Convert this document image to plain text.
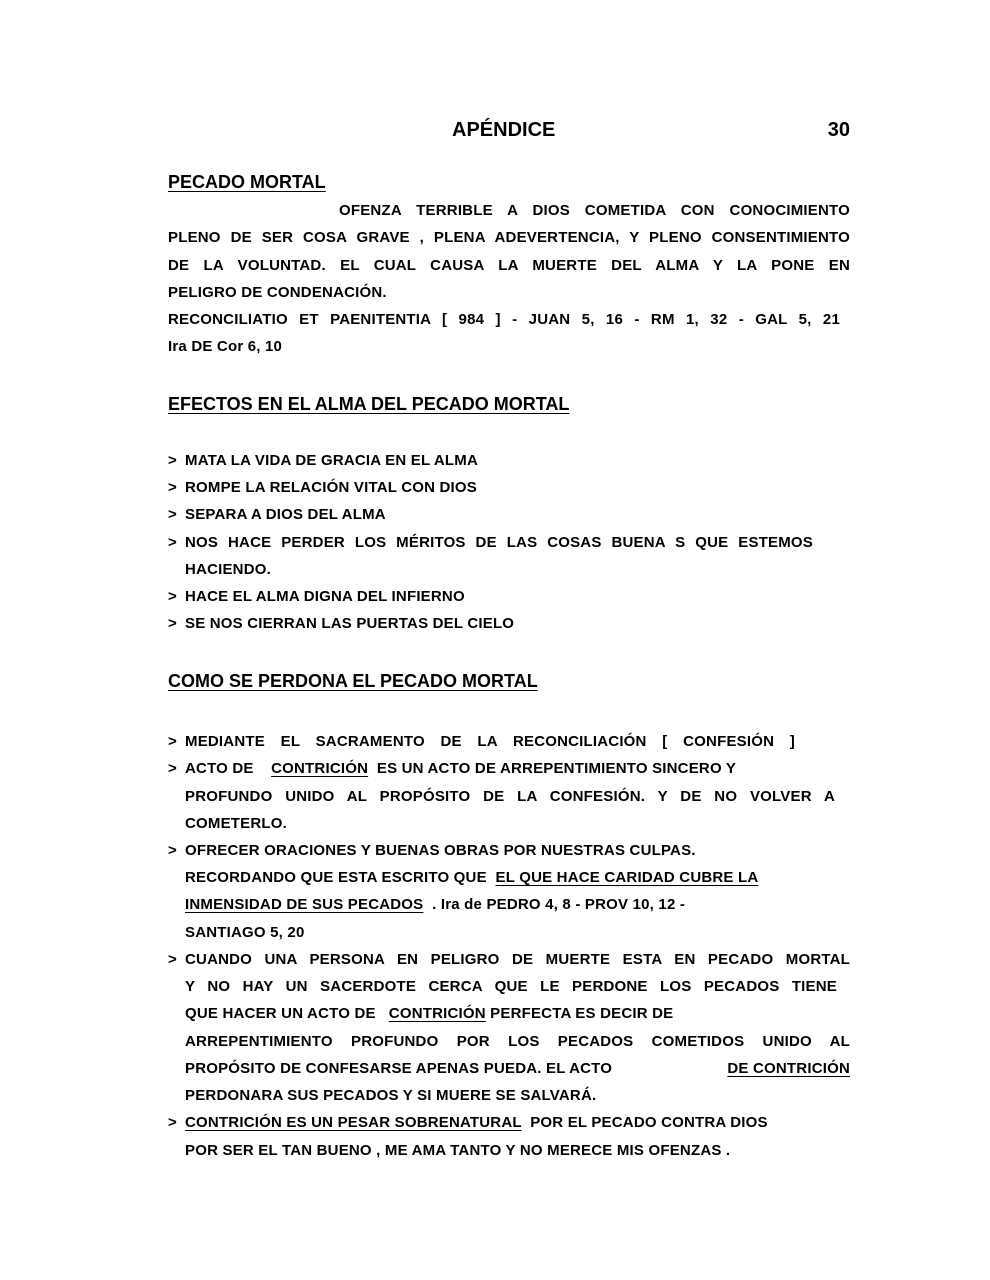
APÉNDICE	30
PECADO MORTAL
OFENZA TERRIBLE A DIOS COMETIDA CON CONOCIMIENTO
PLENO DE SER COSA GRAVE , PLENA ADEVERTENCIA, Y PLENO CONSENTIMIENTO
DE LA VOLUNTAD. EL CUAL CAUSA LA MUERTE DEL ALMA Y LA PONE EN
PELIGRO DE CONDENACIÓN.
RECONCILIATIO ET PAENITENTIA [ 984 ] - JUAN 5, 16 - RM 1, 32 - GAL 5, 21
Ira DE Cor 6, 10
EFECTOS EN EL ALMA DEL PECADO MORTAL
> MATA LA VIDA DE GRACIA EN EL ALMA
> ROMPE LA RELACIÓN VITAL CON DIOS
> SEPARA A DIOS DEL ALMA
> NOS HACE PERDER LOS MÉRITOS DE LAS COSAS BUENA S QUE ESTEMOS
HACIENDO.
> HACE EL ALMA DIGNA DEL INFIERNO
> SE NOS CIERRAN LAS PUERTAS DEL CIELO
COMO SE PERDONA EL PECADO MORTAL
> MEDIANTE EL SACRAMENTO DE LA RECONCILIACIÓN [ CONFESIÓN ]
> ACTO DE CONTRICIÓN ES UN ACTO DE ARREPENTIMIENTO SINCERO Y
PROFUNDO UNIDO AL PROPÓSITO DE LA CONFESIÓN. Y DE NO VOLVER A
COMETERLO.
> OFRECER ORACIONES Y BUENAS OBRAS POR NUESTRAS CULPAS.
RECORDANDO QUE ESTA ESCRITO QUE EL QUE HACE CARIDAD CUBRE LA
INMENSIDAD DE SUS PECADOS . Ira de PEDRO 4, 8 - PROV 10, 12 -
SANTIAGO 5, 20
> CUANDO UNA PERSONA EN PELIGRO DE MUERTE ESTA EN PECADO MORTAL
Y NO HAY UN SACERDOTE CERCA QUE LE PERDONE LOS PECADOS TIENE
QUE HACER UN ACTO DE CONTRICIÓN PERFECTA ES DECIR DE
ARREPENTIMIENTO PROFUNDO POR LOS PECADOS COMETIDOS UNIDO AL
PROPÓSITO DE CONFESARSE APENAS PUEDA. EL ACTO	DE CONTRICIÓN
PERDONARA SUS PECADOS Y SI MUERE SE SALVARÁ.
> CONTRICIÓN ES UN PESAR SOBRENATURAL POR EL PECADO CONTRA DIOS
POR SER EL TAN BUENO , ME AMA TANTO Y NO MERECE MIS OFENZAS .
